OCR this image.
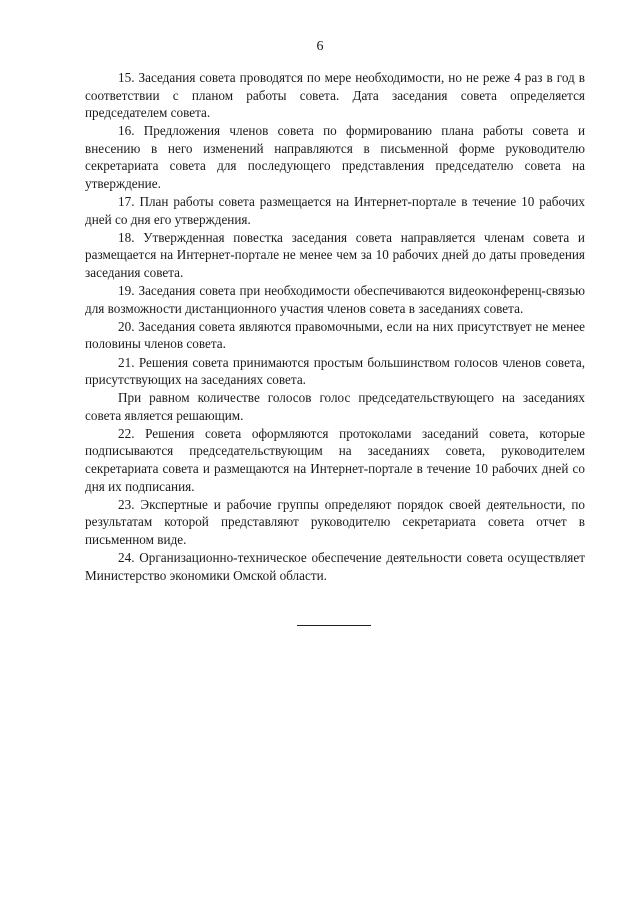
6

15. Заседания совета проводятся по мере необходимости, но не реже 4 раз в год в соответствии с планом работы совета. Дата заседания совета определяется председателем совета.

16. Предложения членов совета по формированию плана работы совета и внесению в него изменений направляются в письменной форме руководителю секретариата совета для последующего представления председателю совета на утверждение.

17. План работы совета размещается на Интернет-портале в течение 10 рабочих дней со дня его утверждения.

18. Утвержденная повестка заседания совета направляется членам совета и размещается на Интернет-портале не менее чем за 10 рабочих дней до даты проведения заседания совета.

19. Заседания совета при необходимости обеспечиваются видеоконференц-связью для возможности дистанционного участия членов совета в заседаниях совета.

20. Заседания совета являются правомочными, если на них присутствует не менее половины членов совета.

21. Решения совета принимаются простым большинством голосов членов совета, присутствующих на заседаниях совета.

При равном количестве голосов голос председательствующего на заседаниях совета является решающим.

22. Решения совета оформляются протоколами заседаний совета, которые подписываются председательствующим на заседаниях совета, руководителем секретариата совета и размещаются на Интернет-портале в течение 10 рабочих дней со дня их подписания.

23. Экспертные и рабочие группы определяют порядок своей деятельности, по результатам которой представляют руководителю секретариата совета отчет в письменном виде.

24. Организационно-техническое обеспечение деятельности совета осуществляет Министерство экономики Омской области.
